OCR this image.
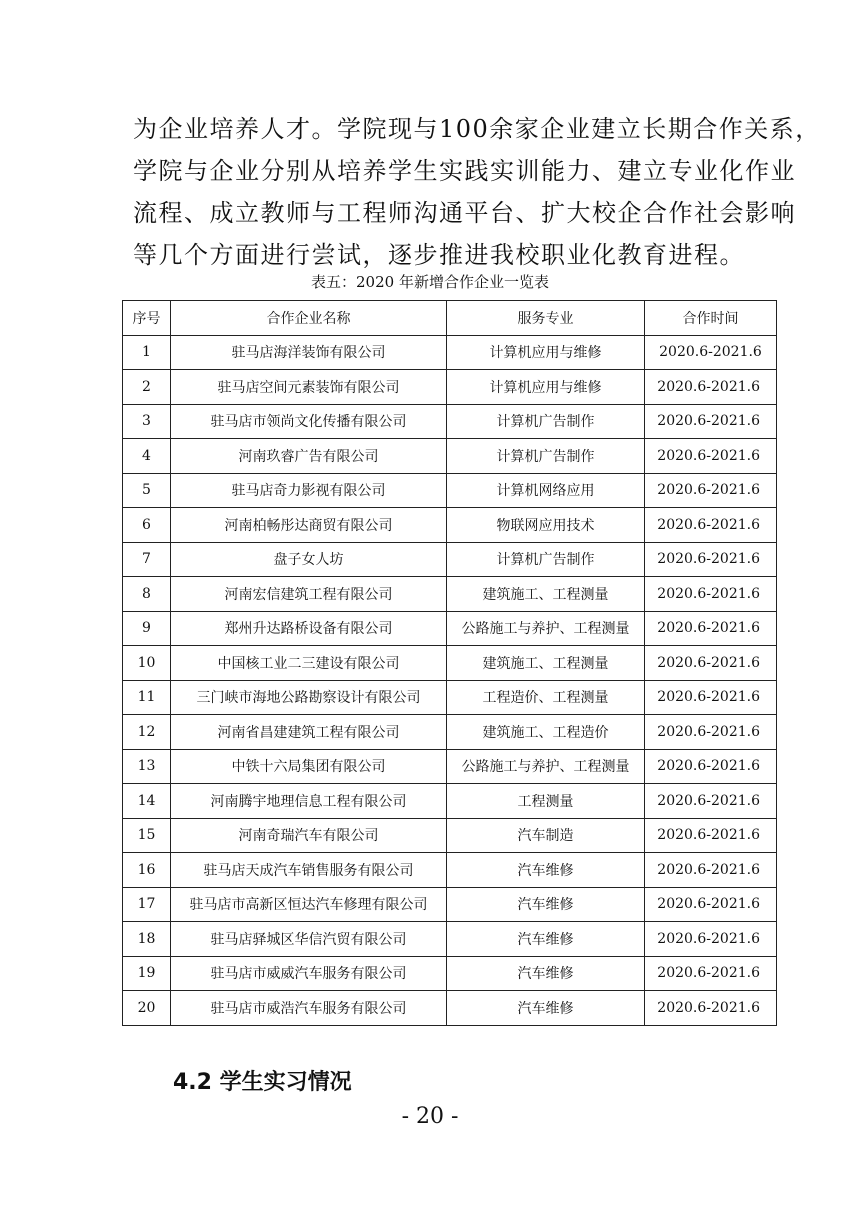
为企业培养人才。学院现与100余家企业建立长期合作关系，
学院与企业分别从培养学生实践实训能力、建立专业化作业
流程、成立教师与工程师沟通平台、扩大校企合作社会影响
等几个方面进行尝试，逐步推进我校职业化教育进程。

表五：2020 年新增合作企业一览表
序号	合作企业名称	服务专业	合作时间
1	驻马店海洋装饰有限公司	计算机应用与维修	2020.6-2021.6
2	驻马店空间元素装饰有限公司	计算机应用与维修	2020.6-2021.6
3	驻马店市领尚文化传播有限公司	计算机广告制作	2020.6-2021.6
4	河南玖睿广告有限公司	计算机广告制作	2020.6-2021.6
5	驻马店奇力影视有限公司	计算机网络应用	2020.6-2021.6
6	河南柏畅彤达商贸有限公司	物联网应用技术	2020.6-2021.6
7	盘子女人坊	计算机广告制作	2020.6-2021.6
8	河南宏信建筑工程有限公司	建筑施工、工程测量	2020.6-2021.6
9	郑州升达路桥设备有限公司	公路施工与养护、工程测量	2020.6-2021.6
10	中国核工业二三建设有限公司	建筑施工、工程测量	2020.6-2021.6
11	三门峡市海地公路勘察设计有限公司	工程造价、工程测量	2020.6-2021.6
12	河南省昌建建筑工程有限公司	建筑施工、工程造价	2020.6-2021.6
13	中铁十六局集团有限公司	公路施工与养护、工程测量	2020.6-2021.6
14	河南腾宇地理信息工程有限公司	工程测量	2020.6-2021.6
15	河南奇瑞汽车有限公司	汽车制造	2020.6-2021.6
16	驻马店天成汽车销售服务有限公司	汽车维修	2020.6-2021.6
17	驻马店市高新区恒达汽车修理有限公司	汽车维修	2020.6-2021.6
18	驻马店驿城区华信汽贸有限公司	汽车维修	2020.6-2021.6
19	驻马店市威威汽车服务有限公司	汽车维修	2020.6-2021.6
20	驻马店市威浩汽车服务有限公司	汽车维修	2020.6-2021.6
4.2 学生实习情况
- 20 -
